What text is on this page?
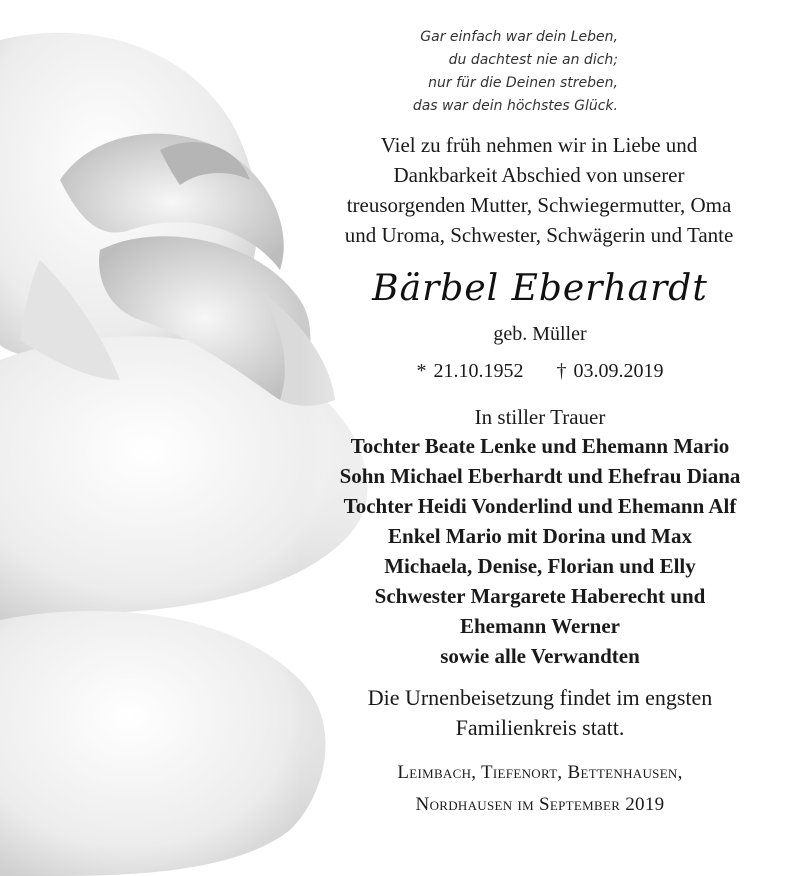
Gar einfach war dein Leben,
du dachtest nie an dich;
nur für die Deinen streben,
das war dein höchstes Glück.
Viel zu früh nehmen wir in Liebe und
Dankbarkeit Abschied von unserer
treusorgenden Mutter, Schwiegermutter, Oma
und Uroma, Schwester, Schwägerin und Tante
Bärbel Eberhardt
geb. Müller
* 21.10.1952 † 03.09.2019
In stiller Trauer
Tochter Beate Lenke und Ehemann Mario
Sohn Michael Eberhardt und Ehefrau Diana
Tochter Heidi Vonderlind und Ehemann Alf
Enkel Mario mit Dorina und Max
Michaela, Denise, Florian und Elly
Schwester Margarete Haberecht und
Ehemann Werner
sowie alle Verwandten
Die Urnenbeisetzung findet im engsten
Familienkreis statt.
Leimbach, Tiefenort, Bettenhausen,
Nordhausen im September 2019
